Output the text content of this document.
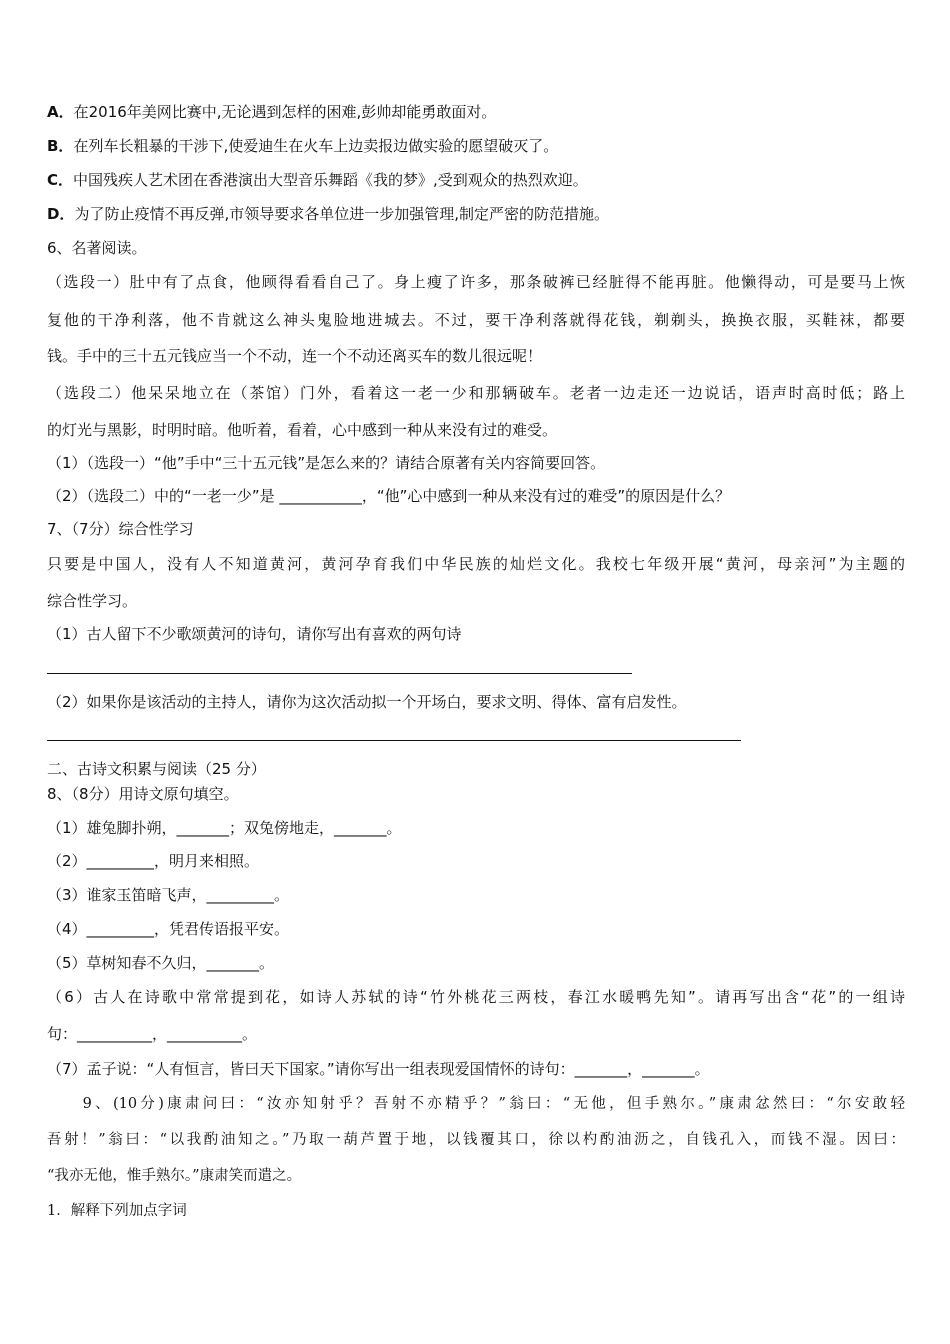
A．在2016年美网比赛中,无论遇到怎样的困难,彭帅却能勇敢面对。
B．在列车长粗暴的干涉下,使爱迪生在火车上边卖报边做实验的愿望破灭了。
C．中国残疾人艺术团在香港演出大型音乐舞蹈《我的梦》,受到观众的热烈欢迎。
D．为了防止疫情不再反弹,市领导要求各单位进一步加强管理,制定严密的防范措施。
6、名著阅读。
（选段一）肚中有了点食，他顾得看看自己了。身上瘦了许多，那条破裤已经脏得不能再脏。他懒得动，可是要马上恢
复他的干净利落，他不肯就这么神头鬼脸地进城去。不过，要干净利落就得花钱，剃剃头，换换衣服，买鞋袜，都要
钱。手中的三十五元钱应当一个不动，连一个不动还离买车的数儿很远呢！
（选段二）他呆呆地立在（茶馆）门外，看着这一老一少和那辆破车。老者一边走还一边说话，语声时高时低；路上
的灯光与黑影，时明时暗。他听着，看着，心中感到一种从来没有过的难受。
（1）（选段一）“他”手中“三十五元钱”是怎么来的？请结合原著有关内容简要回答。
（2）（选段二）中的“一老一少”是 ___________，“他”心中感到一种从来没有过的难受”的原因是什么？
7、（7分）综合性学习
只要是中国人，没有人不知道黄河，黄河孕育我们中华民族的灿烂文化。我校七年级开展“黄河，母亲河”为主题的
综合性学习。
（1）古人留下不少歌颂黄河的诗句，请你写出有喜欢的两句诗
（2）如果你是该活动的主持人，请你为这次活动拟一个开场白，要求文明、得体、富有启发性。
二、古诗文积累与阅读（25 分）
8、（8分）用诗文原句填空。
（1）雄兔脚扑朔，_______；双兔傍地走，_______。
（2）_________，明月来相照。
（3）谁家玉笛暗飞声，_________。
（4）_________，凭君传语报平安。
（5）草树知春不久归，_______。
（6）古人在诗歌中常常提到花，如诗人苏轼的诗“竹外桃花三两枝，春江水暖鸭先知”。请再写出含“花”的一组诗
句：__________，__________。
（7）孟子说：“人有恒言，皆曰天下国家。”请你写出一组表现爱国情怀的诗句：_______，_______。
　　9、(10分)康肃问曰：“汝亦知射乎？吾射不亦精乎？”翁曰：“无他，但手熟尔。”康肃忿然曰：“尔安敢轻
吾射！”翁曰：“以我酌油知之。”乃取一葫芦置于地，以钱覆其口，徐以杓酌油沥之，自钱孔入，而钱不湿。因曰：
“我亦无他，惟手熟尔。”康肃笑而遣之。
1．解释下列加点字词
